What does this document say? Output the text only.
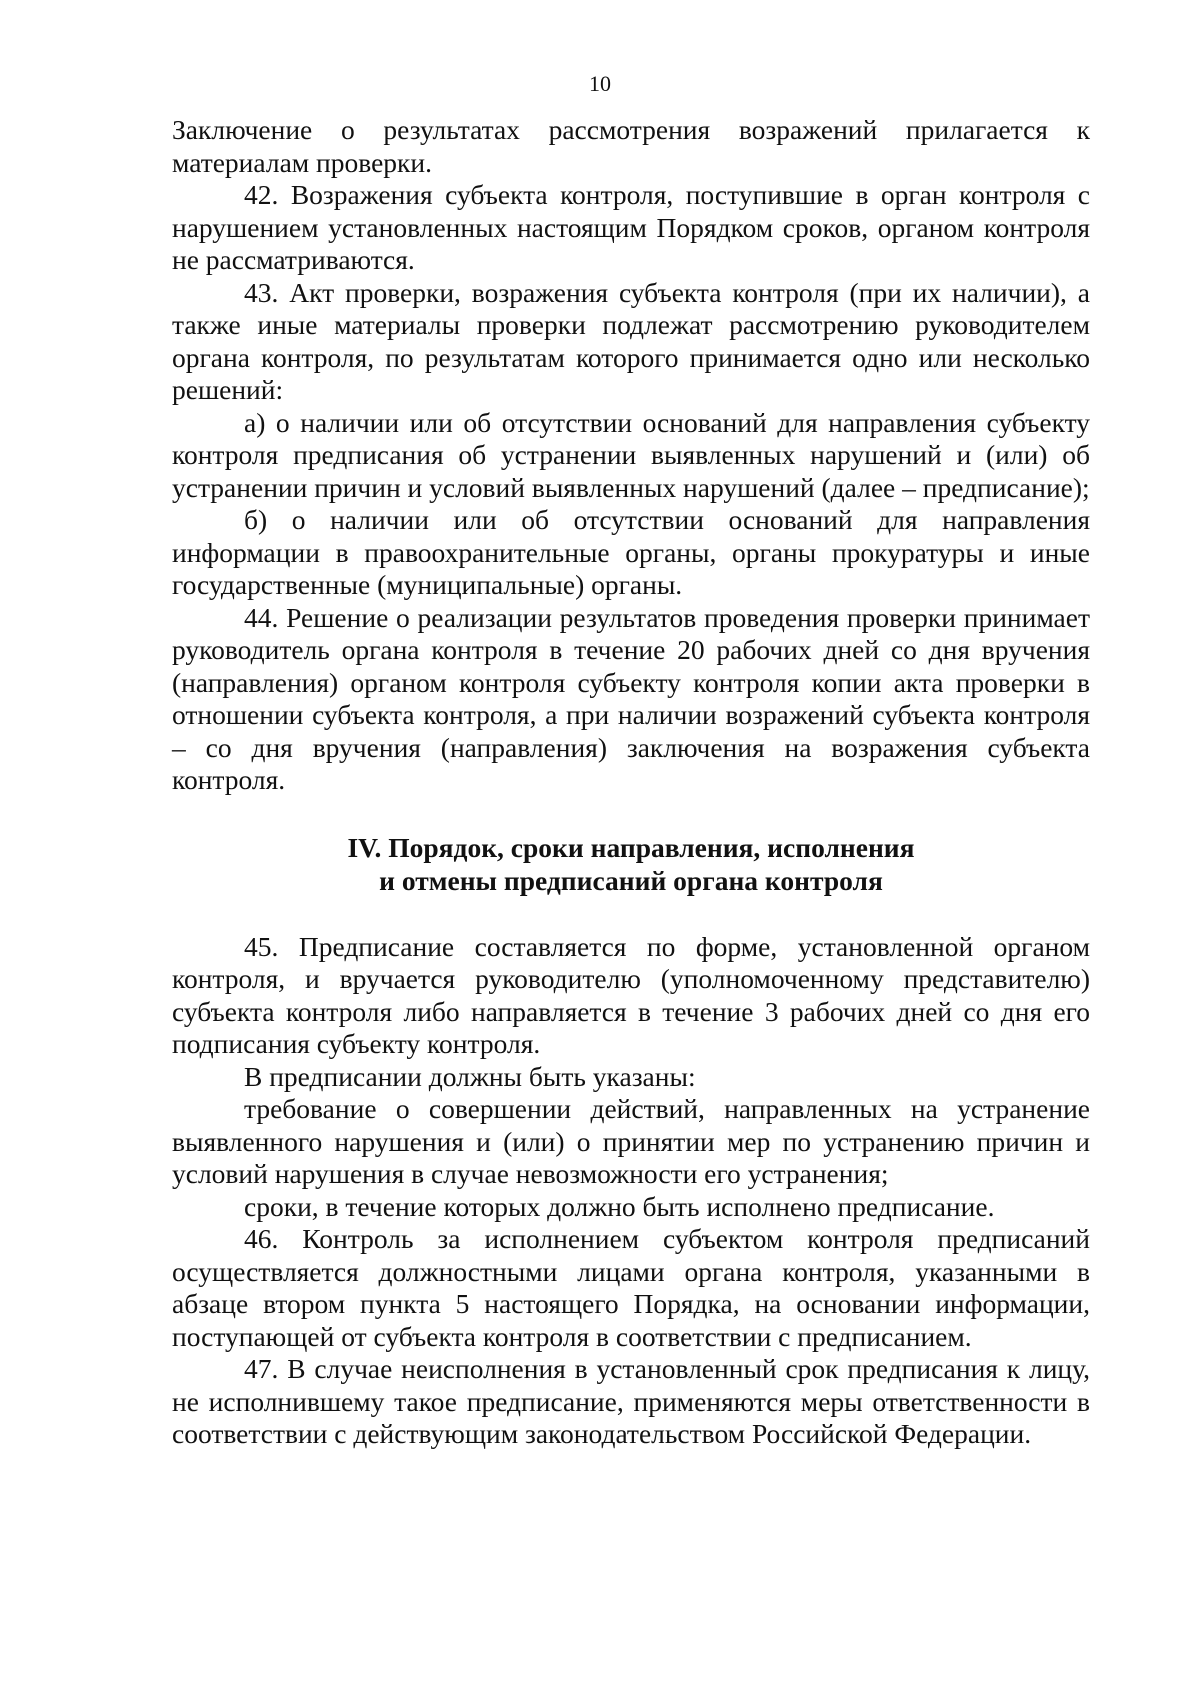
10

Заключение о результатах рассмотрения возражений прилагается к материалам проверки.

42. Возражения субъекта контроля, поступившие в орган контроля с нарушением установленных настоящим Порядком сроков, органом контроля не рассматриваются.

43. Акт проверки, возражения субъекта контроля (при их наличии), а также иные материалы проверки подлежат рассмотрению руководителем органа контроля, по результатам которого принимается одно или несколько решений:

а) о наличии или об отсутствии оснований для направления субъекту контроля предписания об устранении выявленных нарушений и (или) об устранении причин и условий выявленных нарушений (далее – предписание);

б) о наличии или об отсутствии оснований для направления информации в правоохранительные органы, органы прокуратуры и иные государственные (муниципальные) органы.

44. Решение о реализации результатов проведения проверки принимает руководитель органа контроля в течение 20 рабочих дней со дня вручения (направления) органом контроля субъекту контроля копии акта проверки в отношении субъекта контроля, а при наличии возражений субъекта контроля – со дня вручения (направления) заключения на возражения субъекта контроля.

IV. Порядок, сроки направления, исполнения
и отмены предписаний органа контроля

45. Предписание составляется по форме, установленной органом контроля, и вручается руководителю (уполномоченному представителю) субъекта контроля либо направляется в течение 3 рабочих дней со дня его подписания субъекту контроля.

В предписании должны быть указаны:

требование о совершении действий, направленных на устранение выявленного нарушения и (или) о принятии мер по устранению причин и условий нарушения в случае невозможности его устранения;

сроки, в течение которых должно быть исполнено предписание.

46. Контроль за исполнением субъектом контроля предписаний осуществляется должностными лицами органа контроля, указанными в абзаце втором пункта 5 настоящего Порядка, на основании информации, поступающей от субъекта контроля в соответствии с предписанием.

47. В случае неисполнения в установленный срок предписания к лицу, не исполнившему такое предписание, применяются меры ответственности в соответствии с действующим законодательством Российской Федерации.
